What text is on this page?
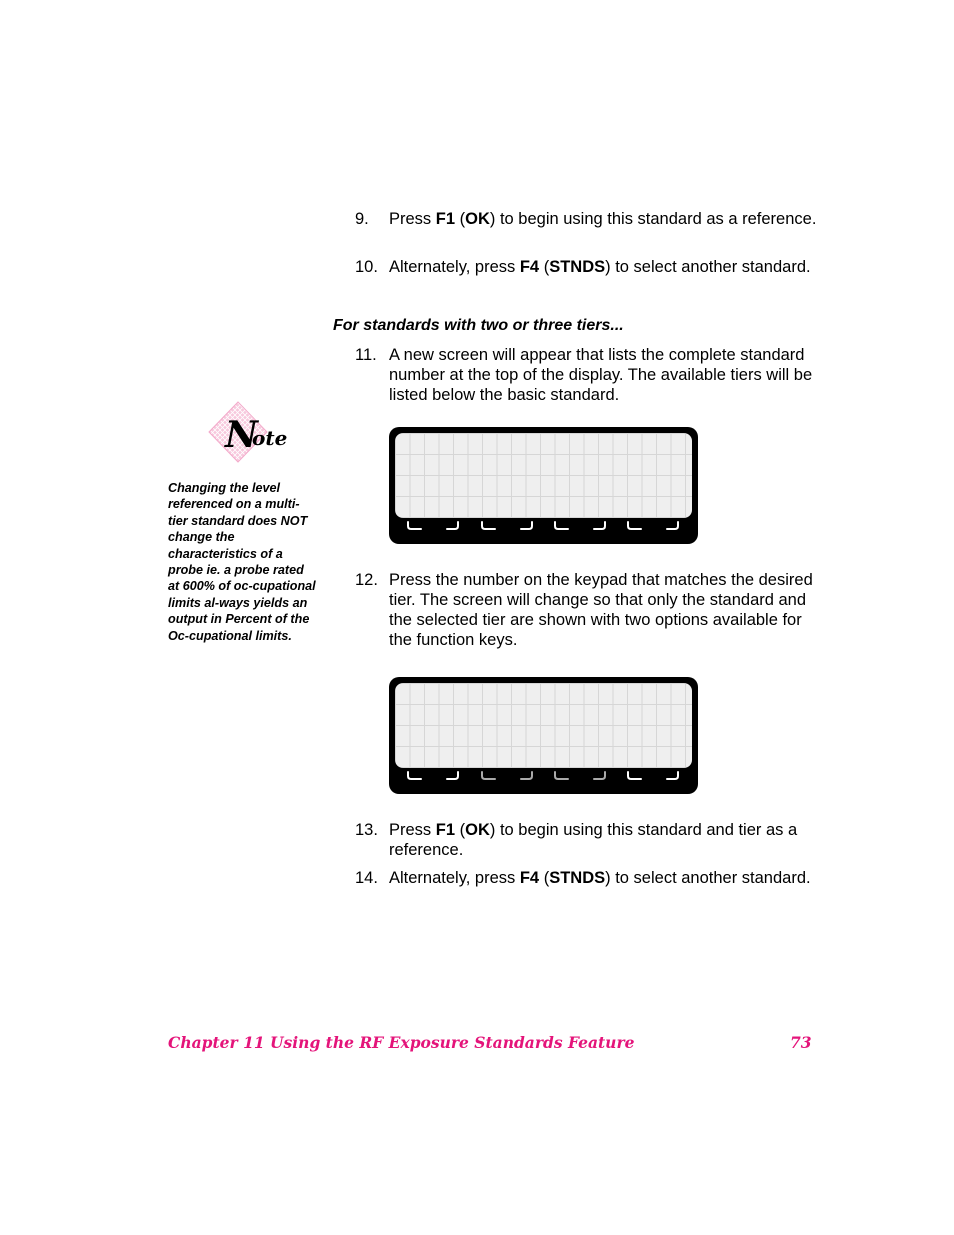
9. Press F1 (OK) to begin using this standard as a reference.
10. Alternately, press F4 (STNDS) to select another standard.
For standards with two or three tiers...
11. A new screen will appear that lists the complete standard number at the top of the display. The available tiers will be listed below the basic standard.
12. Press the number on the keypad that matches the desired tier. The screen will change so that only the standard and the selected tier are shown with two options available for the function keys.
13. Press F1 (OK) to begin using this standard and tier as a reference.
14. Alternately, press F4 (STNDS) to select another standard.
N
ote
Changing the level referenced on a multi-tier standard does NOT change the characteristics of a probe ie. a probe rated at 600% of oc-cupational limits al-ways yields an output in Percent of the Oc-cupational limits.
Chapter 11 Using the RF Exposure Standards Feature	73
